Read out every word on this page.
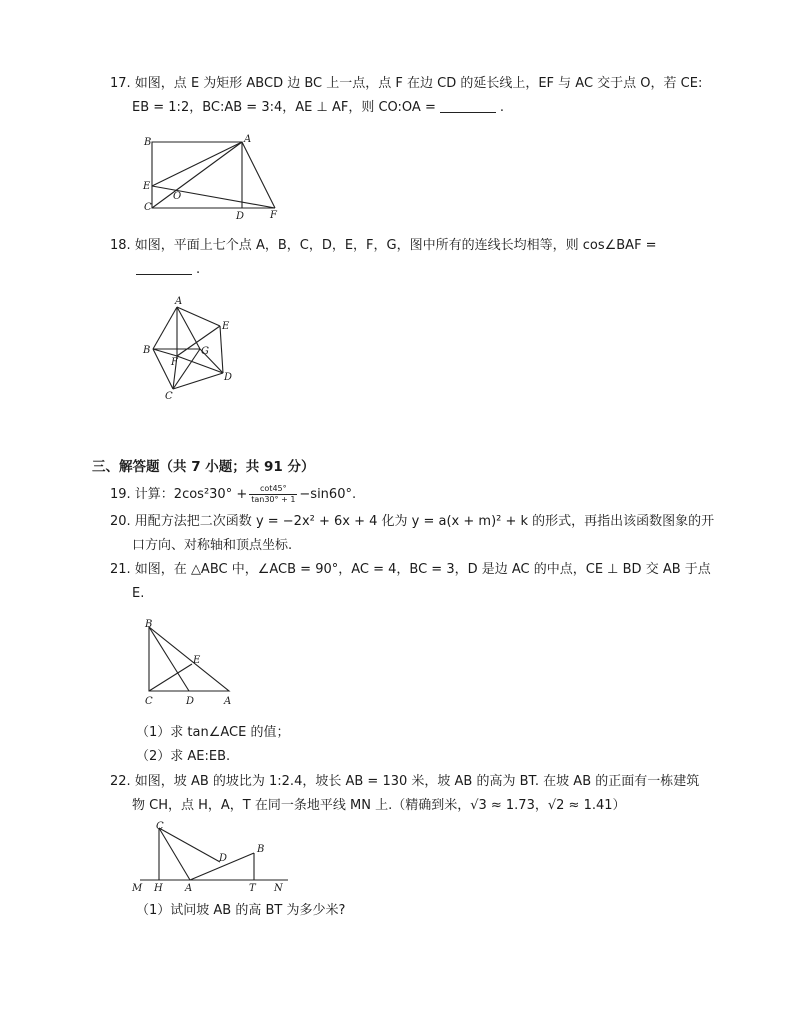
17. 如图，点 E 为矩形 ABCD 边 BC 上一点，点 F 在边 CD 的延长线上，EF 与 AC 交于点 O，若 CE:
EB = 1:2，BC:AB = 3:4，AE ⊥ AF，则 CO:OA =	.
B	A
E
O
C
D	F
18. 如图，平面上七个点 A，B，C，D，E，F，G，图中所有的连线长均相等，则 cos∠BAF =
.
A
E
B	G
F
D
C
三、解答题（共 7 小题；共 91 分）
19. 计算：$2\cos^230^\circ + \frac{\cot 45^\circ}{\tan 30^\circ + 1} -\sin 60^\circ$.
20. 用配方法把二次函数 y = −2x² + 6x + 4 化为 y = a(x + m)² + k 的形式，再指出该函数图象的开
口方向、对称轴和顶点坐标.
21. 如图，在 △ABC 中，∠ACB = 90°，AC = 4，BC = 3，D 是边 AC 的中点，CE ⊥ BD 交 AB 于点
E.
B
E
C	D	A
（1）求 tan∠ACE 的值；
（2）求 AE:EB.
22. 如图，坡 AB 的坡比为 1:2.4，坡长 AB = 130 米，坡 AB 的高为 BT. 在坡 AB 的正面有一栋建筑
物 CH，点 H，A，T 在同一条地平线 MN 上.（精确到米，√3 ≈ 1.73，√2 ≈ 1.41）
C
D
B
M H A	T N
（1）试问坡 AB 的高 BT 为多少米?
